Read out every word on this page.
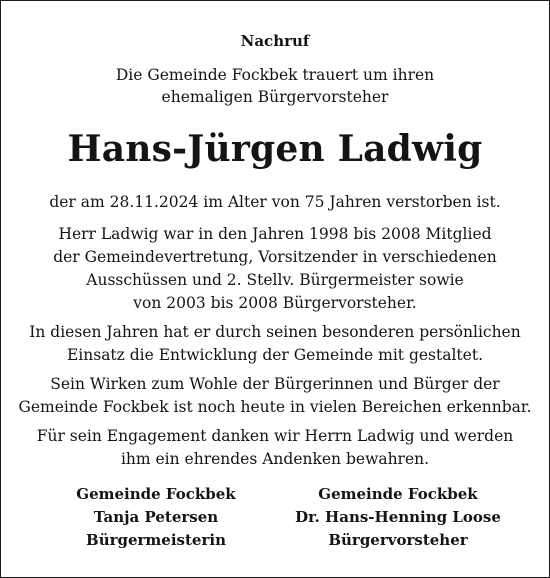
Nachruf
Die Gemeinde Fockbek trauert um ihren
ehemaligen Bürgervorsteher
Hans-Jürgen Ladwig
der am 28.11.2024 im Alter von 75 Jahren verstorben ist.
Herr Ladwig war in den Jahren 1998 bis 2008 Mitglied
der Gemeindevertretung, Vorsitzender in verschiedenen
Ausschüssen und 2. Stellv. Bürgermeister sowie
von 2003 bis 2008 Bürgervorsteher.
In diesen Jahren hat er durch seinen besonderen persönlichen
Einsatz die Entwicklung der Gemeinde mit gestaltet.
Sein Wirken zum Wohle der Bürgerinnen und Bürger der
Gemeinde Fockbek ist noch heute in vielen Bereichen erkennbar.
Für sein Engagement danken wir Herrn Ladwig und werden
ihm ein ehrendes Andenken bewahren.
Gemeinde Fockbek
Tanja Petersen
Bürgermeisterin
Gemeinde Fockbek
Dr. Hans-Henning Loose
Bürgervorsteher
